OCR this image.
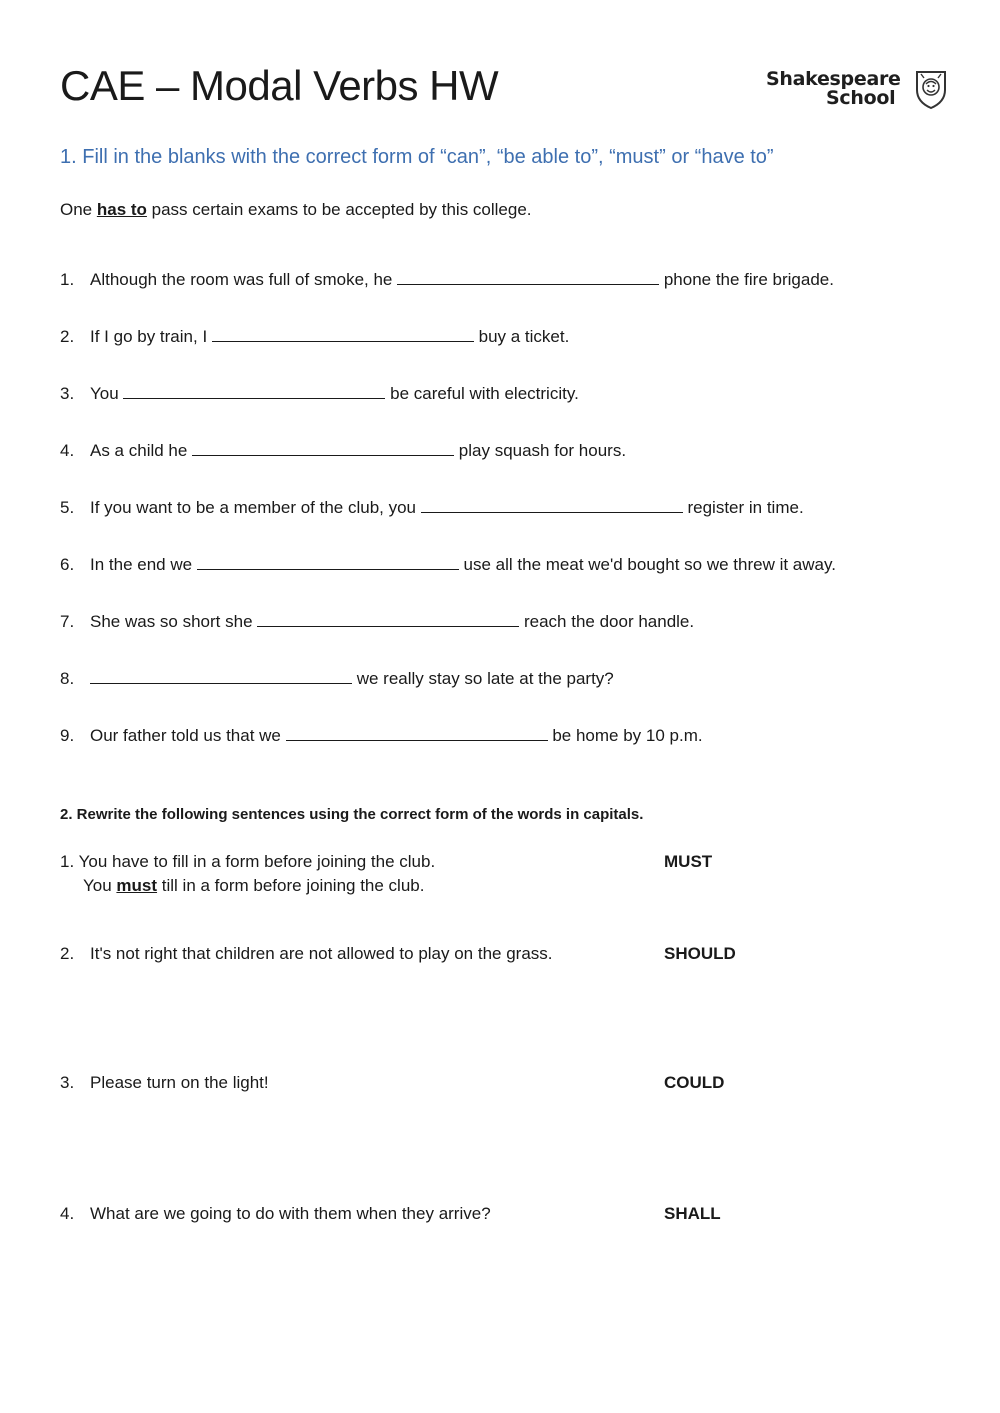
CAE – Modal Verbs HW	Shakespeare
School
1. Fill in the blanks with the correct form of “can”, “be able to”, “must” or “have to”
One has to pass certain exams to be accepted by this college.
1. Although the room was full of smoke, he	phone the fire brigade.
2. If I go by train, I	buy a ticket.
3. You	be careful with electricity.
4. As a child he	play squash for hours.
5. If you want to be a member of the club, you	register in time.
6. In the end we	use all the meat we'd bought so we threw it away.
7. She was so short she	reach the door handle.
8.	we really stay so late at the party?
9. Our father told us that we	be home by 10 p.m.
2. Rewrite the following sentences using the correct form of the words in capitals.
1. You have to fill in a form before joining the club.	MUST
You must till in a form before joining the club.
2. It's not right that children are not allowed to play on the grass.	SHOULD
3. Please turn on the light!	COULD
4. What are we going to do with them when they arrive?	SHALL
